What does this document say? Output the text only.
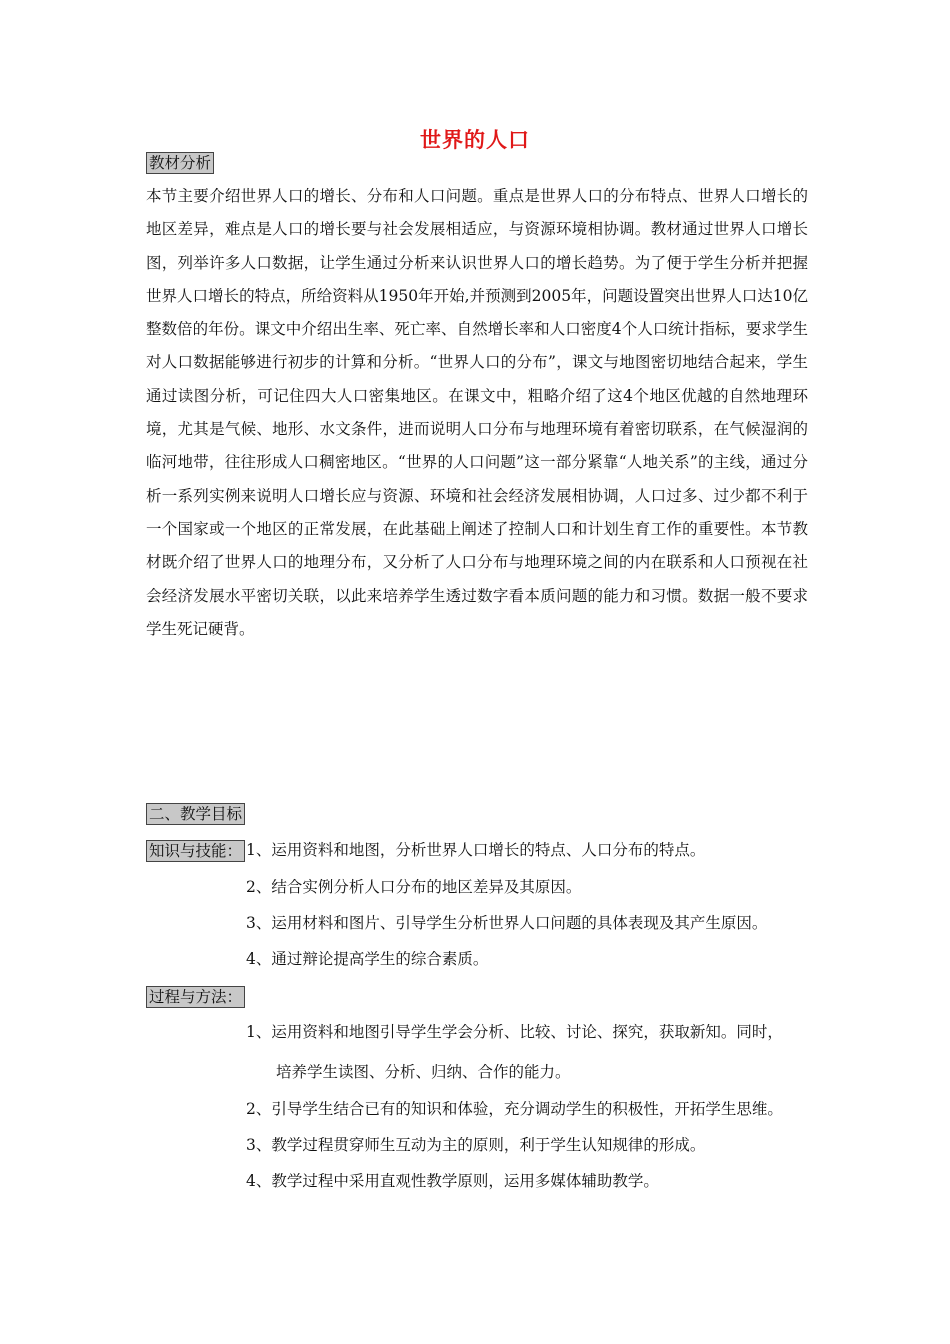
世界的人口
教材分析
本节主要介绍世界人口的增长、分布和人口问题。重点是世界人口的分布特点、世界人口增长的地区差异，难点是人口的增长要与社会发展相适应，与资源环境相协调。教材通过世界人口增长图，列举许多人口数据，让学生通过分析来认识世界人口的增长趋势。为了便于学生分析并把握世界人口增长的特点，所给资料从1950年开始,并预测到2005年，问题设置突出世界人口达10亿整数倍的年份。课文中介绍出生率、死亡率、自然增长率和人口密度4个人口统计指标，要求学生对人口数据能够进行初步的计算和分析。“世界人口的分布”，课文与地图密切地结合起来，学生通过读图分析，可记住四大人口密集地区。在课文中，粗略介绍了这4个地区优越的自然地理环境，尤其是气候、地形、水文条件，进而说明人口分布与地理环境有着密切联系，在气候湿润的临河地带，往往形成人口稠密地区。“世界的人口问题”这一部分紧靠“人地关系”的主线，通过分析一系列实例来说明人口增长应与资源、环境和社会经济发展相协调，人口过多、过少都不利于一个国家或一个地区的正常发展，在此基础上阐述了控制人口和计划生育工作的重要性。本节教材既介绍了世界人口的地理分布，又分析了人口分布与地理环境之间的内在联系和人口预视在社会经济发展水平密切关联，以此来培养学生透过数字看本质问题的能力和习惯。数据一般不要求学生死记硬背。
二、教学目标
知识与技能： 1、运用资料和地图，分析世界人口增长的特点、人口分布的特点。
2、结合实例分析人口分布的地区差异及其原因。
3、运用材料和图片、引导学生分析世界人口问题的具体表现及其产生原因。
4、通过辩论提高学生的综合素质。
过程与方法：
1、运用资料和地图引导学生学会分析、比较、讨论、探究，获取新知。同时，
培养学生读图、分析、归纳、合作的能力。
2、引导学生结合已有的知识和体验，充分调动学生的积极性，开拓学生思维。
3、教学过程贯穿师生互动为主的原则，利于学生认知规律的形成。
4、教学过程中采用直观性教学原则，运用多媒体辅助教学。
